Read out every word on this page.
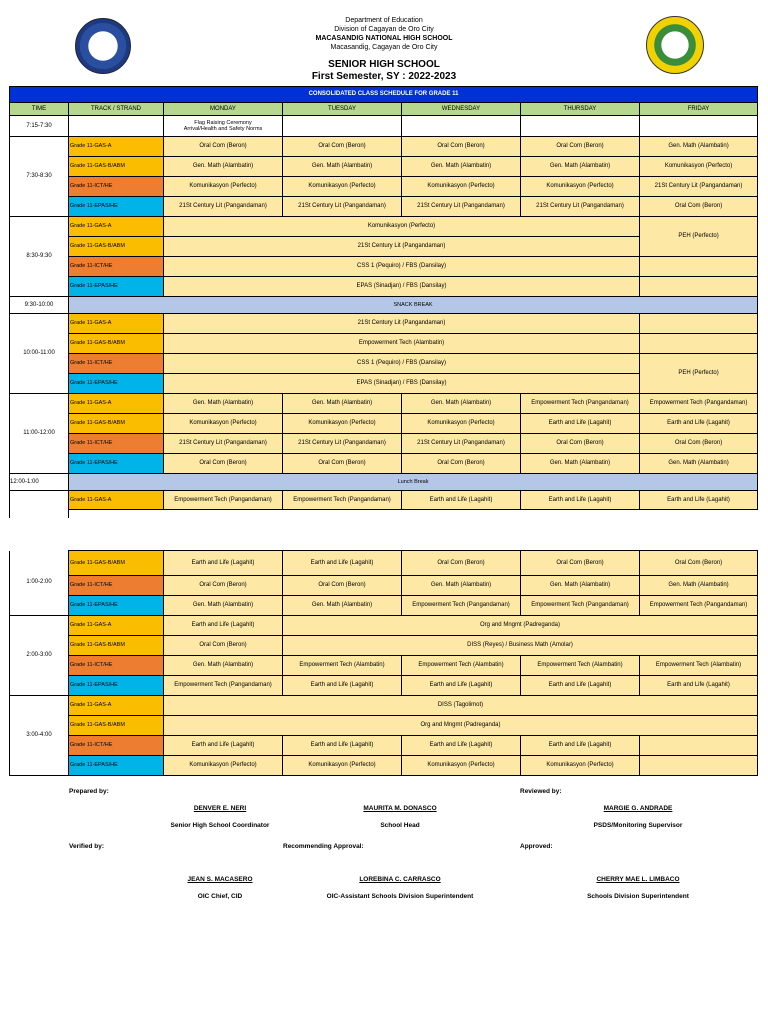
Department of Education
Division of Cagayan de Oro City
MACASANDIG NATIONAL HIGH SCHOOL
Macasandig, Cagayan de Oro City
SENIOR HIGH SCHOOL
First Semester, SY : 2022-2023
CONSOLIDATED CLASS SCHEDULE FOR GRADE 11						
TIME	TRACK / STRAND	MONDAY	TUESDAY	WEDNESDAY	THURSDAY	FRIDAY
7:15-7:30		Flag Raising Ceremony
Arrival/Health and Safety Norms				
7:30-8:30	Grade 11-GAS-A	Oral Com (Beron)	Oral Com (Beron)	Oral Com (Beron)	Oral Com (Beron)	Gen. Math (Alambatin)
	Grade 11-GAS-B/ABM	Gen. Math (Alambatin)	Gen. Math (Alambatin)	Gen. Math (Alambatin)	Gen. Math (Alambatin)	Komunikasyon (Perfecto)
	Grade 11-ICT/HE	Komunikasyon (Perfecto)	Komunikasyon (Perfecto)	Komunikasyon (Perfecto)	Komunikasyon (Perfecto)	21St Century Lit (Pangandaman)
	Grade 11-EPAS/HE	21St Century Lit (Pangandaman)	21St Century Lit (Pangandaman)	21St Century Lit (Pangandaman)	21St Century Lit (Pangandaman)	Oral Com (Beron)
8:30-9:30	Grade 11-GAS-A	Komunikasyon (Perfecto)				PEH (Perfecto)
	Grade 11-GAS-B/ABM	21St Century Lit (Pangandaman)				
	Grade 11-ICT/HE	CSS 1 (Pequiro) / FBS (Dansilay)				
	Grade 11-EPAS/HE	EPAS (Sinadjan) / FBS (Dansilay)				
9:30-10:00	SNACK BREAK					
10:00-11:00	Grade 11-GAS-A	21St Century Lit (Pangandaman)				
	Grade 11-GAS-B/ABM	Empowerment Tech (Alambatin)				
	Grade 11-ICT/HE	CSS 1 (Pequiro) / FBS (Dansilay)				PEH (Perfecto)
	Grade 11-EPAS/HE	EPAS (Sinadjan) / FBS (Dansilay)				
11:00-12:00	Grade 11-GAS-A	Gen. Math (Alambatin)	Gen. Math (Alambatin)	Gen. Math (Alambatin)	Empowerment Tech (Pangandaman)	Empowerment Tech (Pangandaman)
	Grade 11-GAS-B/ABM	Komunikasyon (Perfecto)	Komunikasyon (Perfecto)	Komunikasyon (Perfecto)	Earth and Life (Lagahit)	Earth and Life (Lagahit)
	Grade 11-ICT/HE	21St Century Lit (Pangandaman)	21St Century Lit (Pangandaman)	21St Century Lit (Pangandaman)	Oral Com (Beron)	Oral Com (Beron)
	Grade 11-EPAS/HE	Oral Com (Beron)	Oral Com (Beron)	Oral Com (Beron)	Gen. Math (Alambatin)	Gen. Math (Alambatin)
12:00-1:00	Lunch Break					
	Grade 11-GAS-A	Empowerment Tech (Pangandaman)	Empowerment Tech (Pangandaman)	Earth and Life (Lagahit)	Earth and Life (Lagahit)	Earth and Life (Lagahit)

1:00-2:00	Grade 11-GAS-B/ABM	Earth and Life (Lagahit)	Earth and Life (Lagahit)	Oral Com (Beron)	Oral Com (Beron)	Oral Com (Beron)
	Grade 11-ICT/HE	Oral Com (Beron)	Oral Com (Beron)	Gen. Math (Alambatin)	Gen. Math (Alambatin)	Gen. Math (Alambatin)
	Grade 11-EPAS/HE	Gen. Math (Alambatin)	Gen. Math (Alambatin)	Empowerment Tech (Pangandaman)	Empowerment Tech (Pangandaman)	Empowerment Tech (Pangandaman)
2:00-3:00	Grade 11-GAS-A	Earth and Life (Lagahit)	Org and Mngmt (Padreganda)			
	Grade 11-GAS-B/ABM	Oral Com (Beron)	DISS (Reyes) / Business Math (Amolar)			
	Grade 11-ICT/HE	Gen. Math (Alambatin)	Empowerment Tech (Alambatin)	Empowerment Tech (Alambatin)	Empowerment Tech (Alambatin)	Empowerment Tech (Alambatin)
	Grade 11-EPAS/HE	Empowerment Tech (Pangandaman)	Earth and Life (Lagahit)	Earth and Life (Lagahit)	Earth and Life (Lagahit)	Earth and Life (Lagahit)
3:00-4:00	Grade 11-GAS-A	DISS (Tagolimot)				
	Grade 11-GAS-B/ABM	Org and Mngmt (Padreganda)				
	Grade 11-ICT/HE	Earth and Life (Lagahit)	Earth and Life (Lagahit)	Earth and Life (Lagahit)	Earth and Life (Lagahit)	
	Grade 11-EPAS/HE	Komunikasyon (Perfecto)	Komunikasyon (Perfecto)	Komunikasyon (Perfecto)	Komunikasyon (Perfecto)	
Prepared by:	Reviewed by:
DENVER E. NERI
Senior High School Coordinator
MAURITA M. DONASCO
School Head
MARGIE G. ANDRADE
PSDS/Monitoring Supervisor
Verified by:	Recommending Approval:	Approved:
JEAN S. MACASERO
OIC Chief, CID
LOREBINA C. CARRASCO
OIC-Assistant Schools Division Superintendent
CHERRY MAE L. LIMBACO
Schools Division Superintendent
